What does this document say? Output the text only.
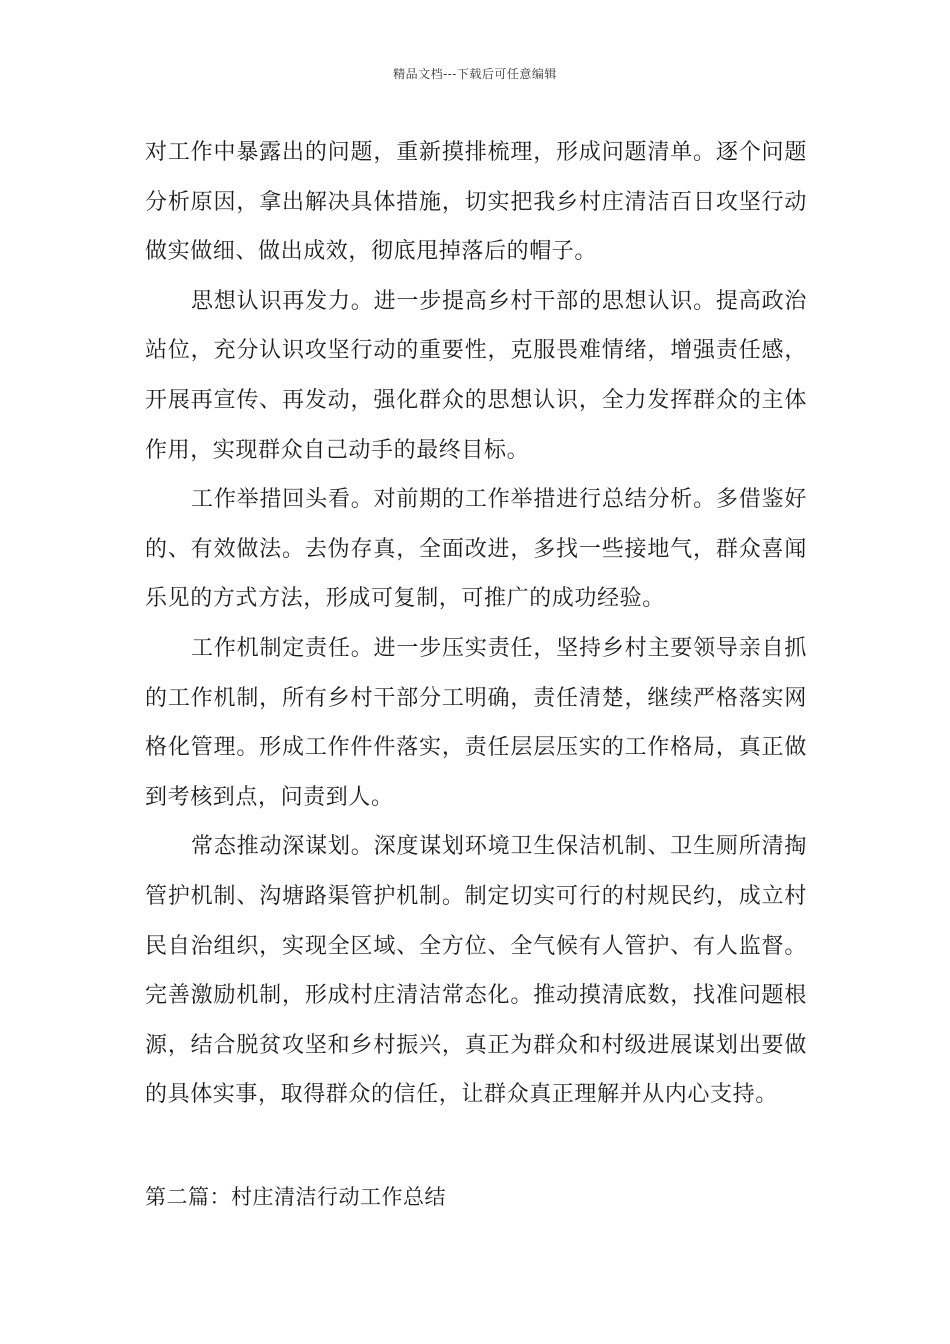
精品文档---下载后可任意编辑

对工作中暴露出的问题，重新摸排梳理，形成问题清单。逐个问题分析原因，拿出解决具体措施，切实把我乡村庄清洁百日攻坚行动做实做细、做出成效，彻底甩掉落后的帽子。

思想认识再发力。进一步提高乡村干部的思想认识。提高政治站位，充分认识攻坚行动的重要性，克服畏难情绪，增强责任感，开展再宣传、再发动，强化群众的思想认识，全力发挥群众的主体作用，实现群众自己动手的最终目标。

工作举措回头看。对前期的工作举措进行总结分析。多借鉴好的、有效做法。去伪存真，全面改进，多找一些接地气，群众喜闻乐见的方式方法，形成可复制，可推广的成功经验。

工作机制定责任。进一步压实责任，坚持乡村主要领导亲自抓的工作机制，所有乡村干部分工明确，责任清楚，继续严格落实网格化管理。形成工作件件落实，责任层层压实的工作格局，真正做到考核到点，问责到人。

常态推动深谋划。深度谋划环境卫生保洁机制、卫生厕所清掏管护机制、沟塘路渠管护机制。制定切实可行的村规民约，成立村民自治组织，实现全区域、全方位、全气候有人管护、有人监督。完善激励机制，形成村庄清洁常态化。推动摸清底数，找准问题根源，结合脱贫攻坚和乡村振兴，真正为群众和村级进展谋划出要做的具体实事，取得群众的信任，让群众真正理解并从内心支持。

第二篇：村庄清洁行动工作总结
